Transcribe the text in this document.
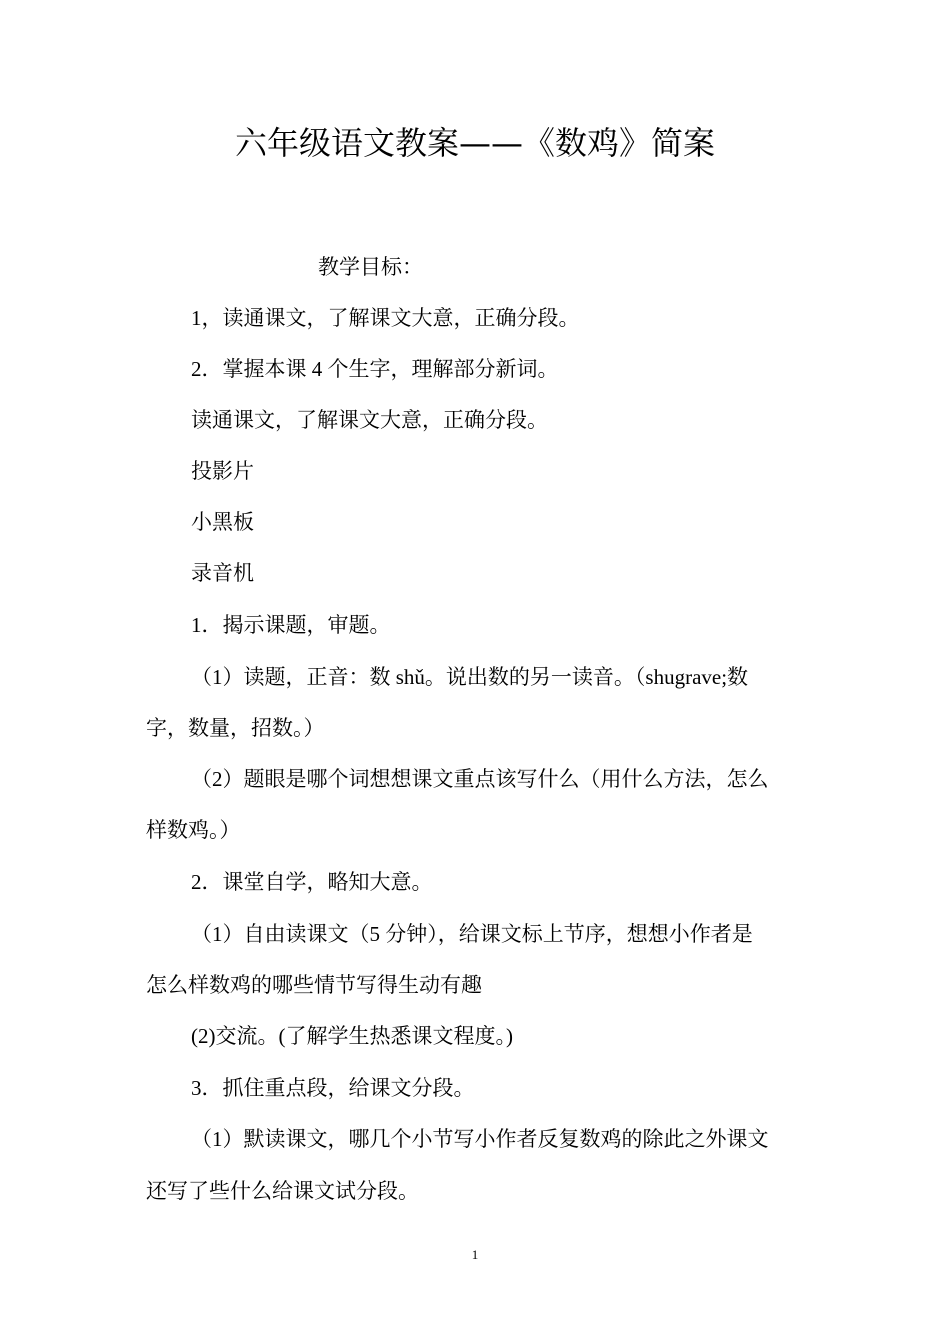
六年级语文教案——《数鸡》简案
教学目标：
1，读通课文，了解课文大意，正确分段。
2．掌握本课 4 个生字，理解部分新词。
读通课文，了解课文大意，正确分段。
投影片
小黑板
录音机
1．揭示课题，审题。
（1）读题，正音：数 shǔ。说出数的另一读音。（shugrave;数
字，数量，招数。）
（2）题眼是哪个词想想课文重点该写什么（用什么方法，怎么
样数鸡。）
2．课堂自学，略知大意。
（1）自由读课文（5 分钟），给课文标上节序，想想小作者是
怎么样数鸡的哪些情节写得生动有趣
(2)交流。(了解学生热悉课文程度。)
3．抓住重点段，给课文分段。
（1）默读课文，哪几个小节写小作者反复数鸡的除此之外课文
还写了些什么给课文试分段。
1
